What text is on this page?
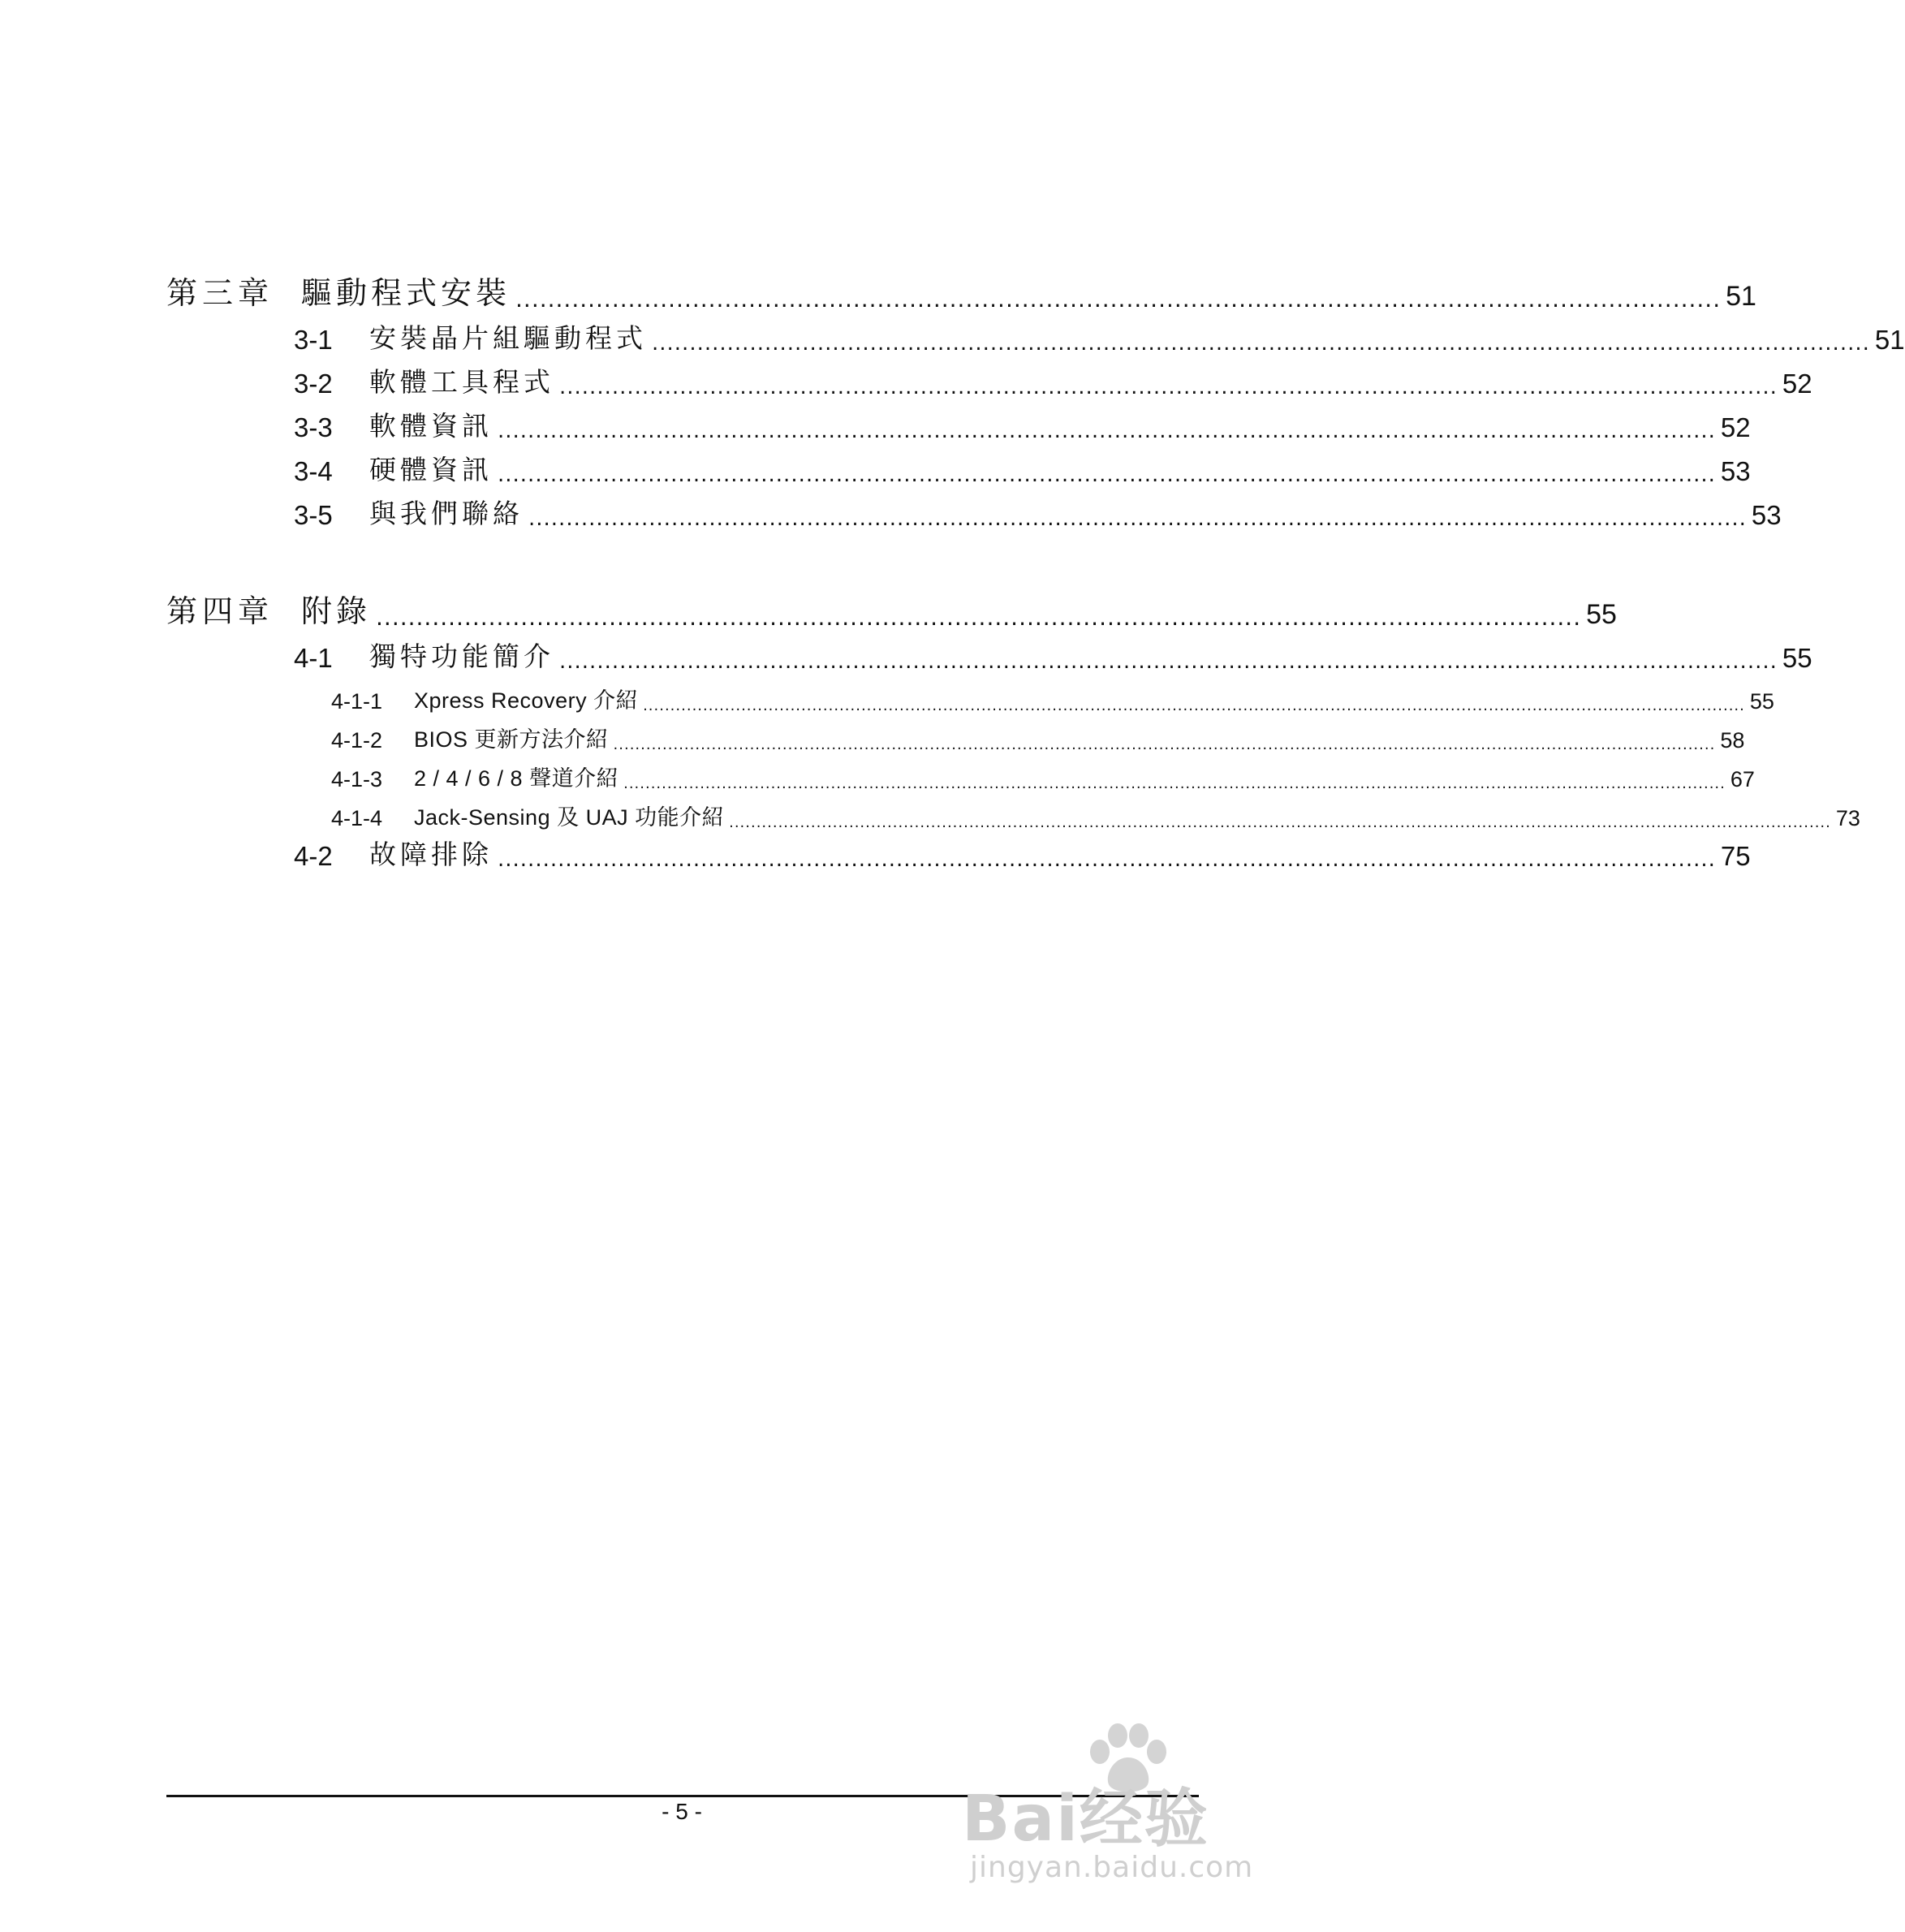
第三章 驅動程式安裝 ...................................................................................................................................................... 51
3-1 安裝晶片組驅動程式 .................................................................................................................................................................. 51
3-2 軟體工具程式 .................................................................................................................................................................. 52
3-3 軟體資訊 .................................................................................................................................................................. 52
3-4 硬體資訊 .................................................................................................................................................................. 53
3-5 與我們聯絡 .................................................................................................................................................................. 53
第四章 附錄 ...................................................................................................................................................... 55
4-1 獨特功能簡介 .................................................................................................................................................................. 55
4-1-1 Xpress Recovery 介紹 .......................................................................................................................................................................................................... 55
4-1-2 BIOS 更新方法介紹 .......................................................................................................................................................................................................... 58
4-1-3 2 / 4 / 6 / 8 聲道介紹 .......................................................................................................................................................................................................... 67
4-1-4 Jack-Sensing 及 UAJ 功能介紹 .......................................................................................................................................................................................................... 73
4-2 故障排除 .................................................................................................................................................................. 75
- 5 -	Bai经验
jingyan.baidu.com
